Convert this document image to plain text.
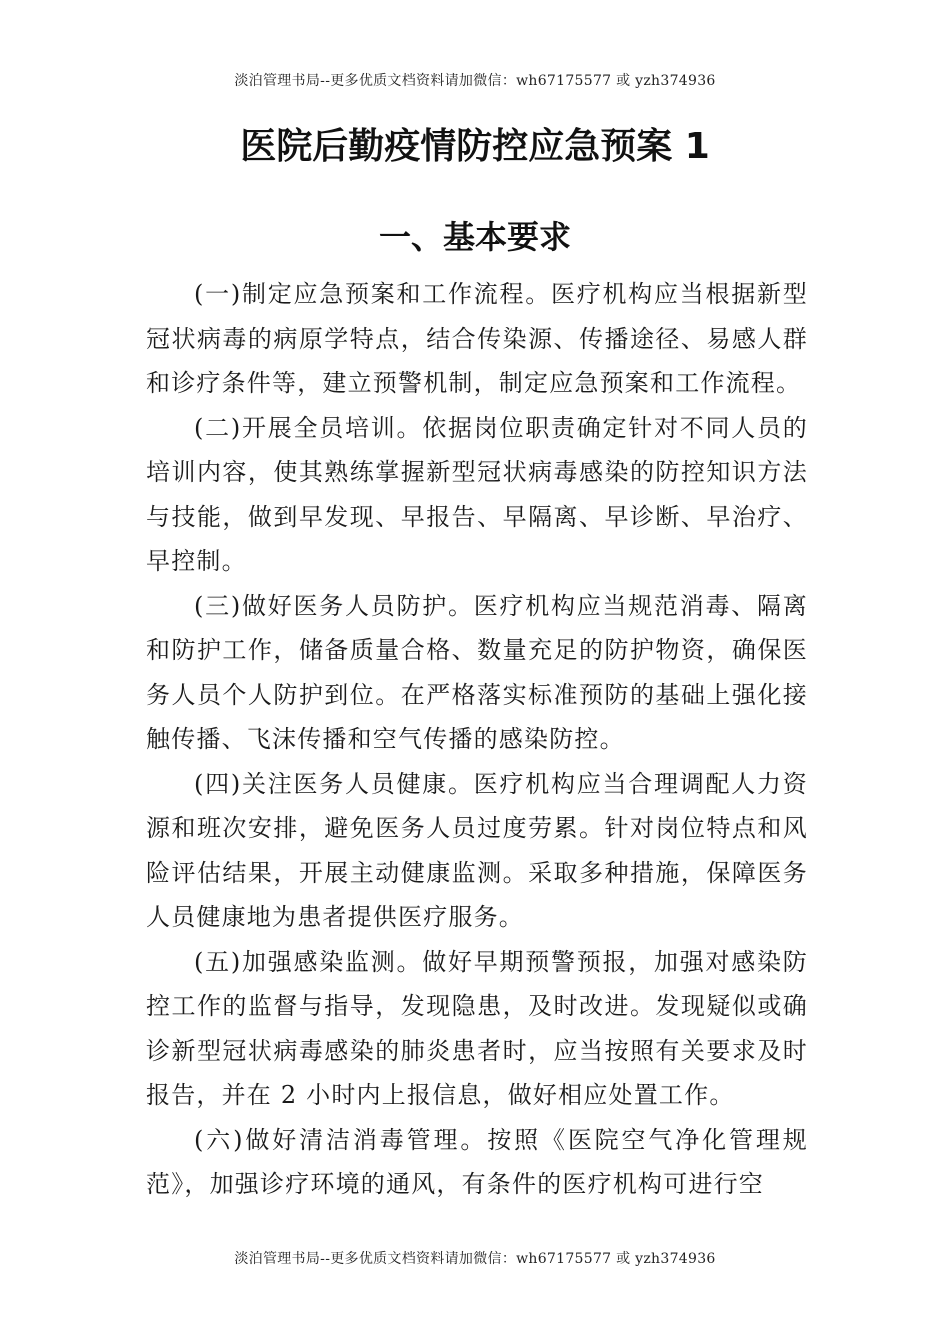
淡泊管理书局--更多优质文档资料请加微信：wh67175577 或 yzh374936
医院后勤疫情防控应急预案 1
一、基本要求

(一)制定应急预案和工作流程。医疗机构应当根据新型冠状病毒的病原学特点，结合传染源、传播途径、易感人群和诊疗条件等，建立预警机制，制定应急预案和工作流程。

(二)开展全员培训。依据岗位职责确定针对不同人员的培训内容，使其熟练掌握新型冠状病毒感染的防控知识方法与技能，做到早发现、早报告、早隔离、早诊断、早治疗、早控制。

(三)做好医务人员防护。医疗机构应当规范消毒、隔离和防护工作，储备质量合格、数量充足的防护物资，确保医务人员个人防护到位。在严格落实标准预防的基础上强化接触传播、飞沫传播和空气传播的感染防控。

(四)关注医务人员健康。医疗机构应当合理调配人力资源和班次安排，避免医务人员过度劳累。针对岗位特点和风险评估结果，开展主动健康监测。采取多种措施，保障医务人员健康地为患者提供医疗服务。

(五)加强感染监测。做好早期预警预报，加强对感染防控工作的监督与指导，发现隐患，及时改进。发现疑似或确诊新型冠状病毒感染的肺炎患者时，应当按照有关要求及时报告，并在 2 小时内上报信息，做好相应处置工作。

(六)做好清洁消毒管理。按照《医院空气净化管理规范》，加强诊疗环境的通风，有条件的医疗机构可进行空

淡泊管理书局--更多优质文档资料请加微信：wh67175577 或 yzh374936
